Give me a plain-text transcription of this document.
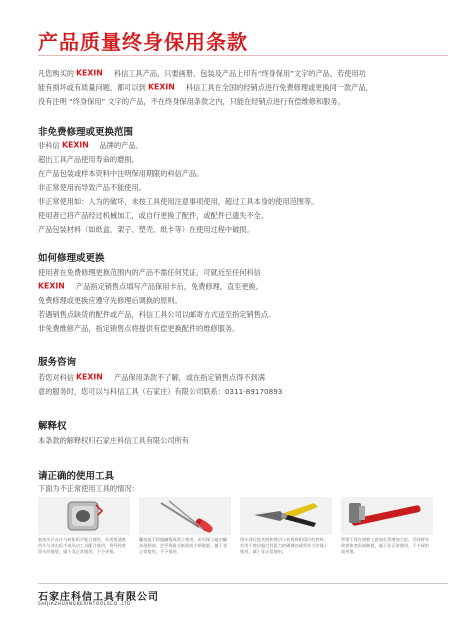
产品质量终身保用条款

凡您购买的 KEXIN 科信工具产品，只要画册、包装及产品上印有“终身保用”文字的产品，若使用功

能有损坏或有质量问题，都可以到 KEXIN 科信工具在全国的经销点进行免费修理或更换同一款产品，

没有注明 “终身保用” 文字的产品，不在终身保用条款之内，只能在经销点进行有偿维修和服务。

非免费修理或更换范围

非科信 KEXIN 品牌的产品。

超出工具产品使用寿命的磨损。

在产品包装或样本资料中注明保用期限的科信产品。

非正常使用而导致产品不能使用。

非正常使用如：人为的破坏，未按工具使用注意事项使用，超过工具本身的使用范围等。

使用者已将产品经过机械加工，或自行更换了配件，或配件已遗失不全。

产品包装材料（如纸盒、架子、塑壳、纸卡等）在使用过程中破损。

如何修理或更换

使用者在免费修理更换范围内的产品不需任何凭证，可就近至任何科信

KEXIN 产品指定销售点填写产品保用卡后，免费修理，直至更换。

免费修理或更换应遵守先修理后调换的原则。

若遇销售点缺货的配件或产品，科信工具公司以邮寄方式送至指定销售点。

非免费维修产品，指定销售点将提供有偿更换配件的维修服务。

服务咨询

若您对科信 KEXIN 产品保用条款不了解，或在指定销售点得不到满

意的服务时，您可以与科信工具（石家庄）有限公司联系：0311-89170893

解释权

本条款的解释权归石家庄科信工具有限公司所有

请正确的使用工具

下面为不正常使用工具的情况：

套筒头只允许与转矩扳手配合使用，若用普通套筒头与冲击扳手或风动工具配合使用，将导致套筒头的破裂，属于非正常使用，不予更换。
螺丝批不得做撬棍或凿子使用，若用锤子敲击螺丝批柄部，会导致批头断裂或手柄破裂，属于非正常使用，不予保用。
钳头部仅能夹持和剪切与其规格相适应的材料，若用于剪切超过其能力的硬钢丝或将其当作锤子使用，属于非正常使用。
管钳不得在钳柄上套加长管增加力矩，否则将导致钳体变形或断裂，属于非正常使用，不予保用或更换。
石家庄科信工具有限公司
SHIJIAZHUANGKEXINTOOLSCO.,LTD
